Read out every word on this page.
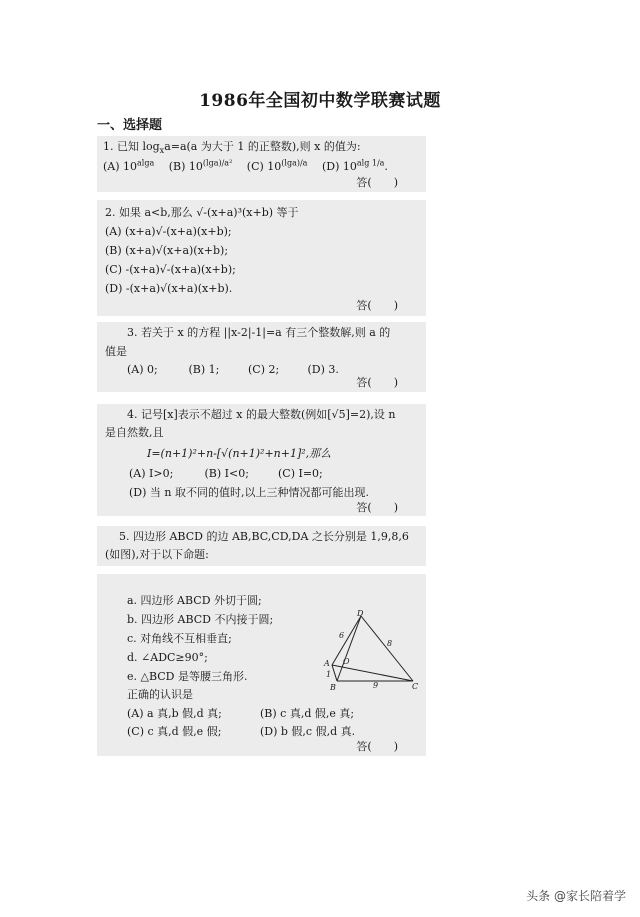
1986年全国初中数学联赛试题
一、选择题
1. 已知 $\log_xa=a(a$ 为大于 1 的正整数),则 x 的值为:
(A) $10^{alga}$  (B) $10^{(lga)/a^2}$  (C) $10^{(lga)/a}$  (D) $10^{alg 1/a}$.
答(　　)
2. 如果 a<b,那么 √-(x+a)³(x+b) 等于
(A) (x+a)√-(x+a)(x+b);
(B) (x+a)√(x+a)(x+b);
(C) -(x+a)√-(x+a)(x+b);
(D) -(x+a)√(x+a)(x+b).
答(　　)
3. 若关于 x 的方程 ||x-2|-1|=a 有三个整数解,则 a 的
值是
(A) 0;	(B) 1;	(C) 2;	(D) 3.
答(　　)
4. 记号[x]表示不超过 x 的最大整数(例如[√5]=2),设 n
是自然数,且
I=(n+1)²+n-[√(n+1)²+n+1]²,那么
(A) I>0;	(B) I<0;	(C) I=0;
(D) 当 n 取不同的值时,以上三种情况都可能出现.
答(　　)
5. 四边形 ABCD 的边 AB,BC,CD,DA 之长分别是 1,9,8,6
(如图),对于以下命题:
a. 四边形 ABCD 外切于圆;
b. 四边形 ABCD 不内接于圆;
c. 对角线不互相垂直;
d. ∠ADC≥90°;
e. △BCD 是等腰三角形.
正确的认识是
(A) a 真,b 假,d 真;	(B) c 真,d 假,e 真;
(C) c 真,d 假,e 假;	(D) b 假,c 假,d 真.
答(　　)
D
A O
B	C
6
8
1
9
头条 @家长陪着学
